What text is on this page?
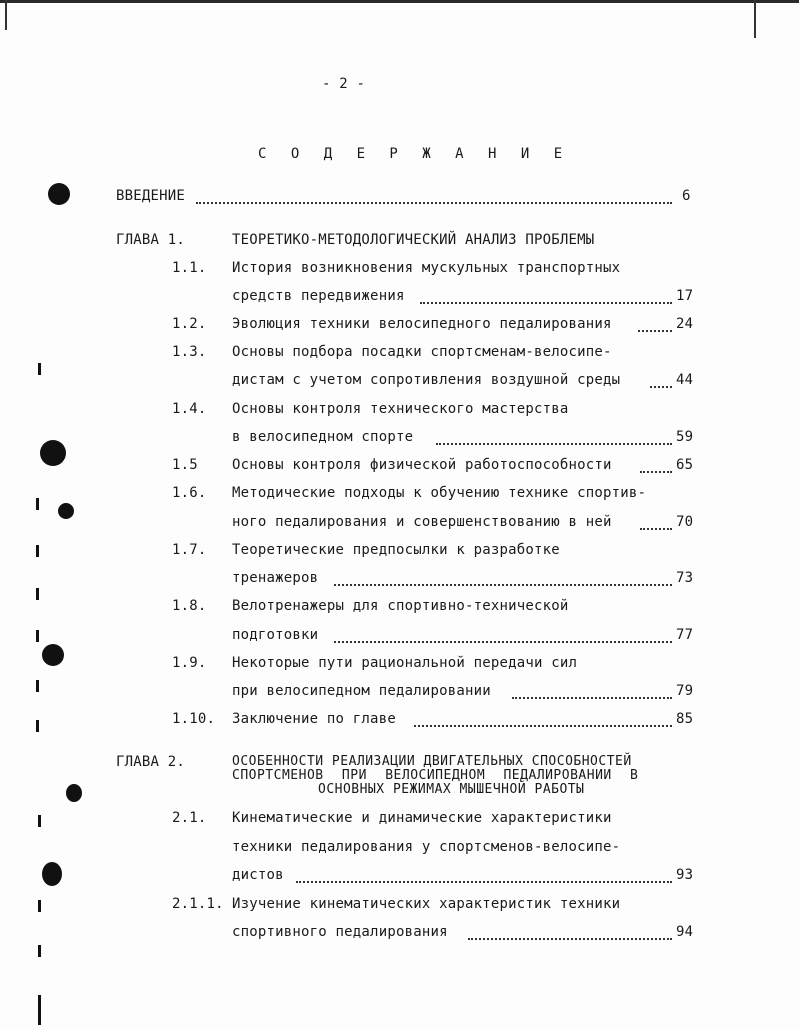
- 2 -
С О Д Е Р Ж А Н И Е
ВВЕДЕНИЕ	6
ГЛАВА 1.	ТЕОРЕТИКО-МЕТОДОЛОГИЧЕСКИЙ АНАЛИЗ ПРОБЛЕМЫ
1.1. История возникновения мускульных транспортных
средств передвижения	17
1.2. Эволюция техники велосипедного педалирования	24
1.3. Основы подбора посадки спортсменам-велосипе-
дистам с учетом сопротивления воздушной среды	44
1.4. Основы контроля технического мастерства
в велосипедном спорте	59
1.5 Основы контроля физической работоспособности	65
1.6. Методические подходы к обучению технике спортив-
ного педалирования и совершенствованию в ней	70
1.7. Теоретические предпосылки к разработке
тренажеров	73
1.8. Велотренажеры для спортивно-технической
подготовки	77
1.9. Некоторые пути рациональной передачи сил
при велосипедном педалировании	79
1.10. Заключение по главе	85
ГЛАВА 2.	ОСОБЕННОСТИ РЕАЛИЗАЦИИ ДВИГАТЕЛЬНЫХ СПОСОБНОСТЕЙ
СПОРТСМЕНОВ ПРИ ВЕЛОСИПЕДНОМ ПЕДАЛИРОВАНИИ В
ОСНОВНЫХ РЕЖИМАХ МЫШЕЧНОЙ РАБОТЫ
2.1. Кинематические и динамические характеристики
техники педалирования у спортсменов-велосипе-
дистов	93
2.1.1. Изучение кинематических характеристик техники
спортивного педалирования	94
